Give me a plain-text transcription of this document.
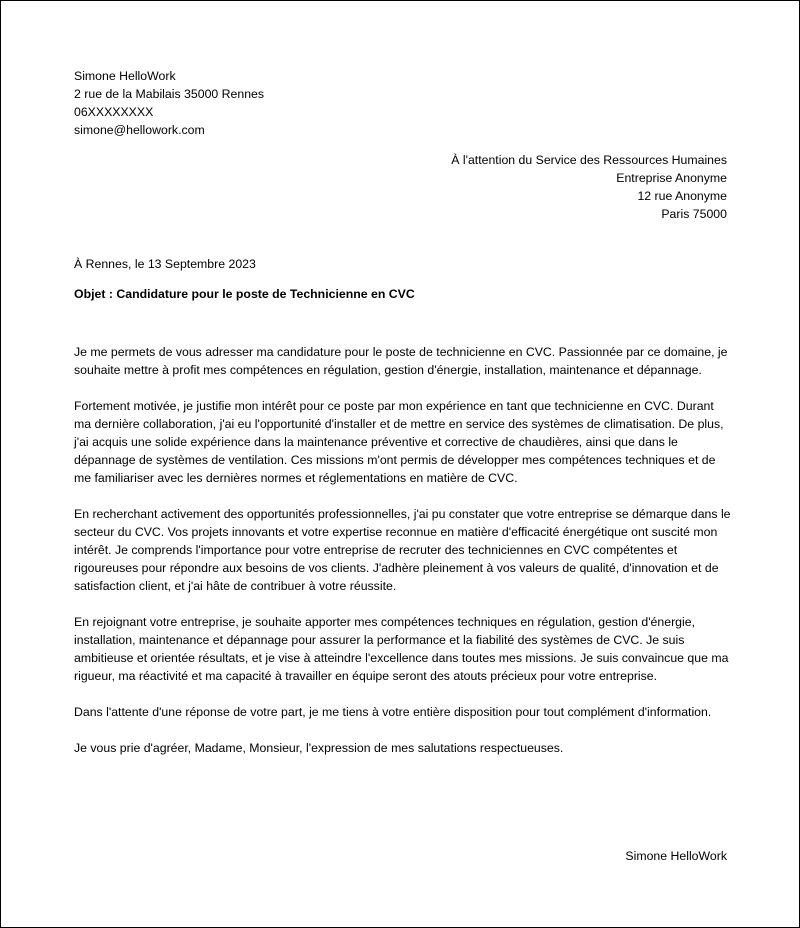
Simone HelloWork
2 rue de la Mabilais 35000 Rennes
06XXXXXXXX
simone@hellowork.com
À l'attention du Service des Ressources Humaines
Entreprise Anonyme
12 rue Anonyme
Paris 75000
À Rennes, le 13 Septembre 2023
Objet : Candidature pour le poste de Technicienne en CVC

Je me permets de vous adresser ma candidature pour le poste de technicienne en CVC. Passionnée par ce domaine, je souhaite mettre à profit mes compétences en régulation, gestion d'énergie, installation, maintenance et dépannage.

Fortement motivée, je justifie mon intérêt pour ce poste par mon expérience en tant que technicienne en CVC. Durant ma dernière collaboration, j'ai eu l'opportunité d'installer et de mettre en service des systèmes de climatisation. De plus, j'ai acquis une solide expérience dans la maintenance préventive et corrective de chaudières, ainsi que dans le dépannage de systèmes de ventilation. Ces missions m'ont permis de développer mes compétences techniques et de me familiariser avec les dernières normes et réglementations en matière de CVC.

En recherchant activement des opportunités professionnelles, j'ai pu constater que votre entreprise se démarque dans le secteur du CVC. Vos projets innovants et votre expertise reconnue en matière d'efficacité énergétique ont suscité mon intérêt. Je comprends l'importance pour votre entreprise de recruter des techniciennes en CVC compétentes et rigoureuses pour répondre aux besoins de vos clients. J'adhère pleinement à vos valeurs de qualité, d'innovation et de satisfaction client, et j'ai hâte de contribuer à votre réussite.

En rejoignant votre entreprise, je souhaite apporter mes compétences techniques en régulation, gestion d'énergie, installation, maintenance et dépannage pour assurer la performance et la fiabilité des systèmes de CVC. Je suis ambitieuse et orientée résultats, et je vise à atteindre l'excellence dans toutes mes missions. Je suis convaincue que ma rigueur, ma réactivité et ma capacité à travailler en équipe seront des atouts précieux pour votre entreprise.

Dans l'attente d'une réponse de votre part, je me tiens à votre entière disposition pour tout complément d'information.

Je vous prie d'agréer, Madame, Monsieur, l'expression de mes salutations respectueuses.

Simone HelloWork
